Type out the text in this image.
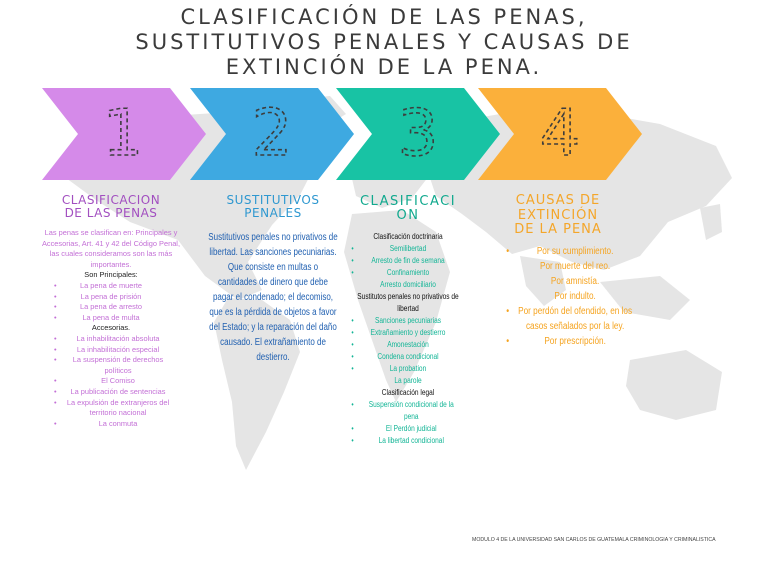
CLASIFICACIÓN DE LAS PENAS,
SUSTITUTIVOS PENALES Y CAUSAS DE
EXTINCIÓN DE LA PENA.
1 2 3 4
CLASIFICACION
DE LAS PENAS
Las penas se clasifican en: Principales y Accesorias, Art. 41 y 42 del Código Penal, las cuales consideramos son las más importantes.
Son Principales:
• La pena de muerte
• La pena de prisión
• La pena de arresto
• La pena de multa
Accesorias.
• La inhabilitación absoluta
• La inhabilitación especial
• La suspensión de derechos políticos
• El Comiso
• La publicación de sentencias
• La expulsión de extranjeros del territorio nacional
• La conmuta
SUSTITUTIVOS
PENALES
Sustitutivos penales no privativos de libertad. Las sanciones pecuniarias. Que consiste en multas o cantidades de dinero que debe pagar el condenado; el decomiso, que es la pérdida de objetos a favor del Estado; y la reparación del daño causado. El extrañamiento de destierro.
CLASIFICACI
ON
Clasificación doctrinaria
• Semilibertad
• Arresto de fin de semana
• Confinamiento
Arresto domiciliario
Sustitutos penales no privativos de libertad
• Sanciones pecuniarias
• Extrañamiento y destierro
• Amonestación
• Condena condicional
• La probation
La parole
Clasificación legal
• Suspensión condicional de la pena
• El Perdón judicial
• La libertad condicional
CAUSAS DE
EXTINCIÓN
DE LA PENA
• Por su cumplimiento.
Por muerte del reo.
Por amnistía.
Por indulto.
• Por perdón del ofendido, en los casos señalados por la ley.
• Por prescripción.
MODULO 4 DE LA UNIVERSIDAD SAN CARLOS DE GUATEMALA CRIMINOLOGIA Y CRIMINALISTICA
